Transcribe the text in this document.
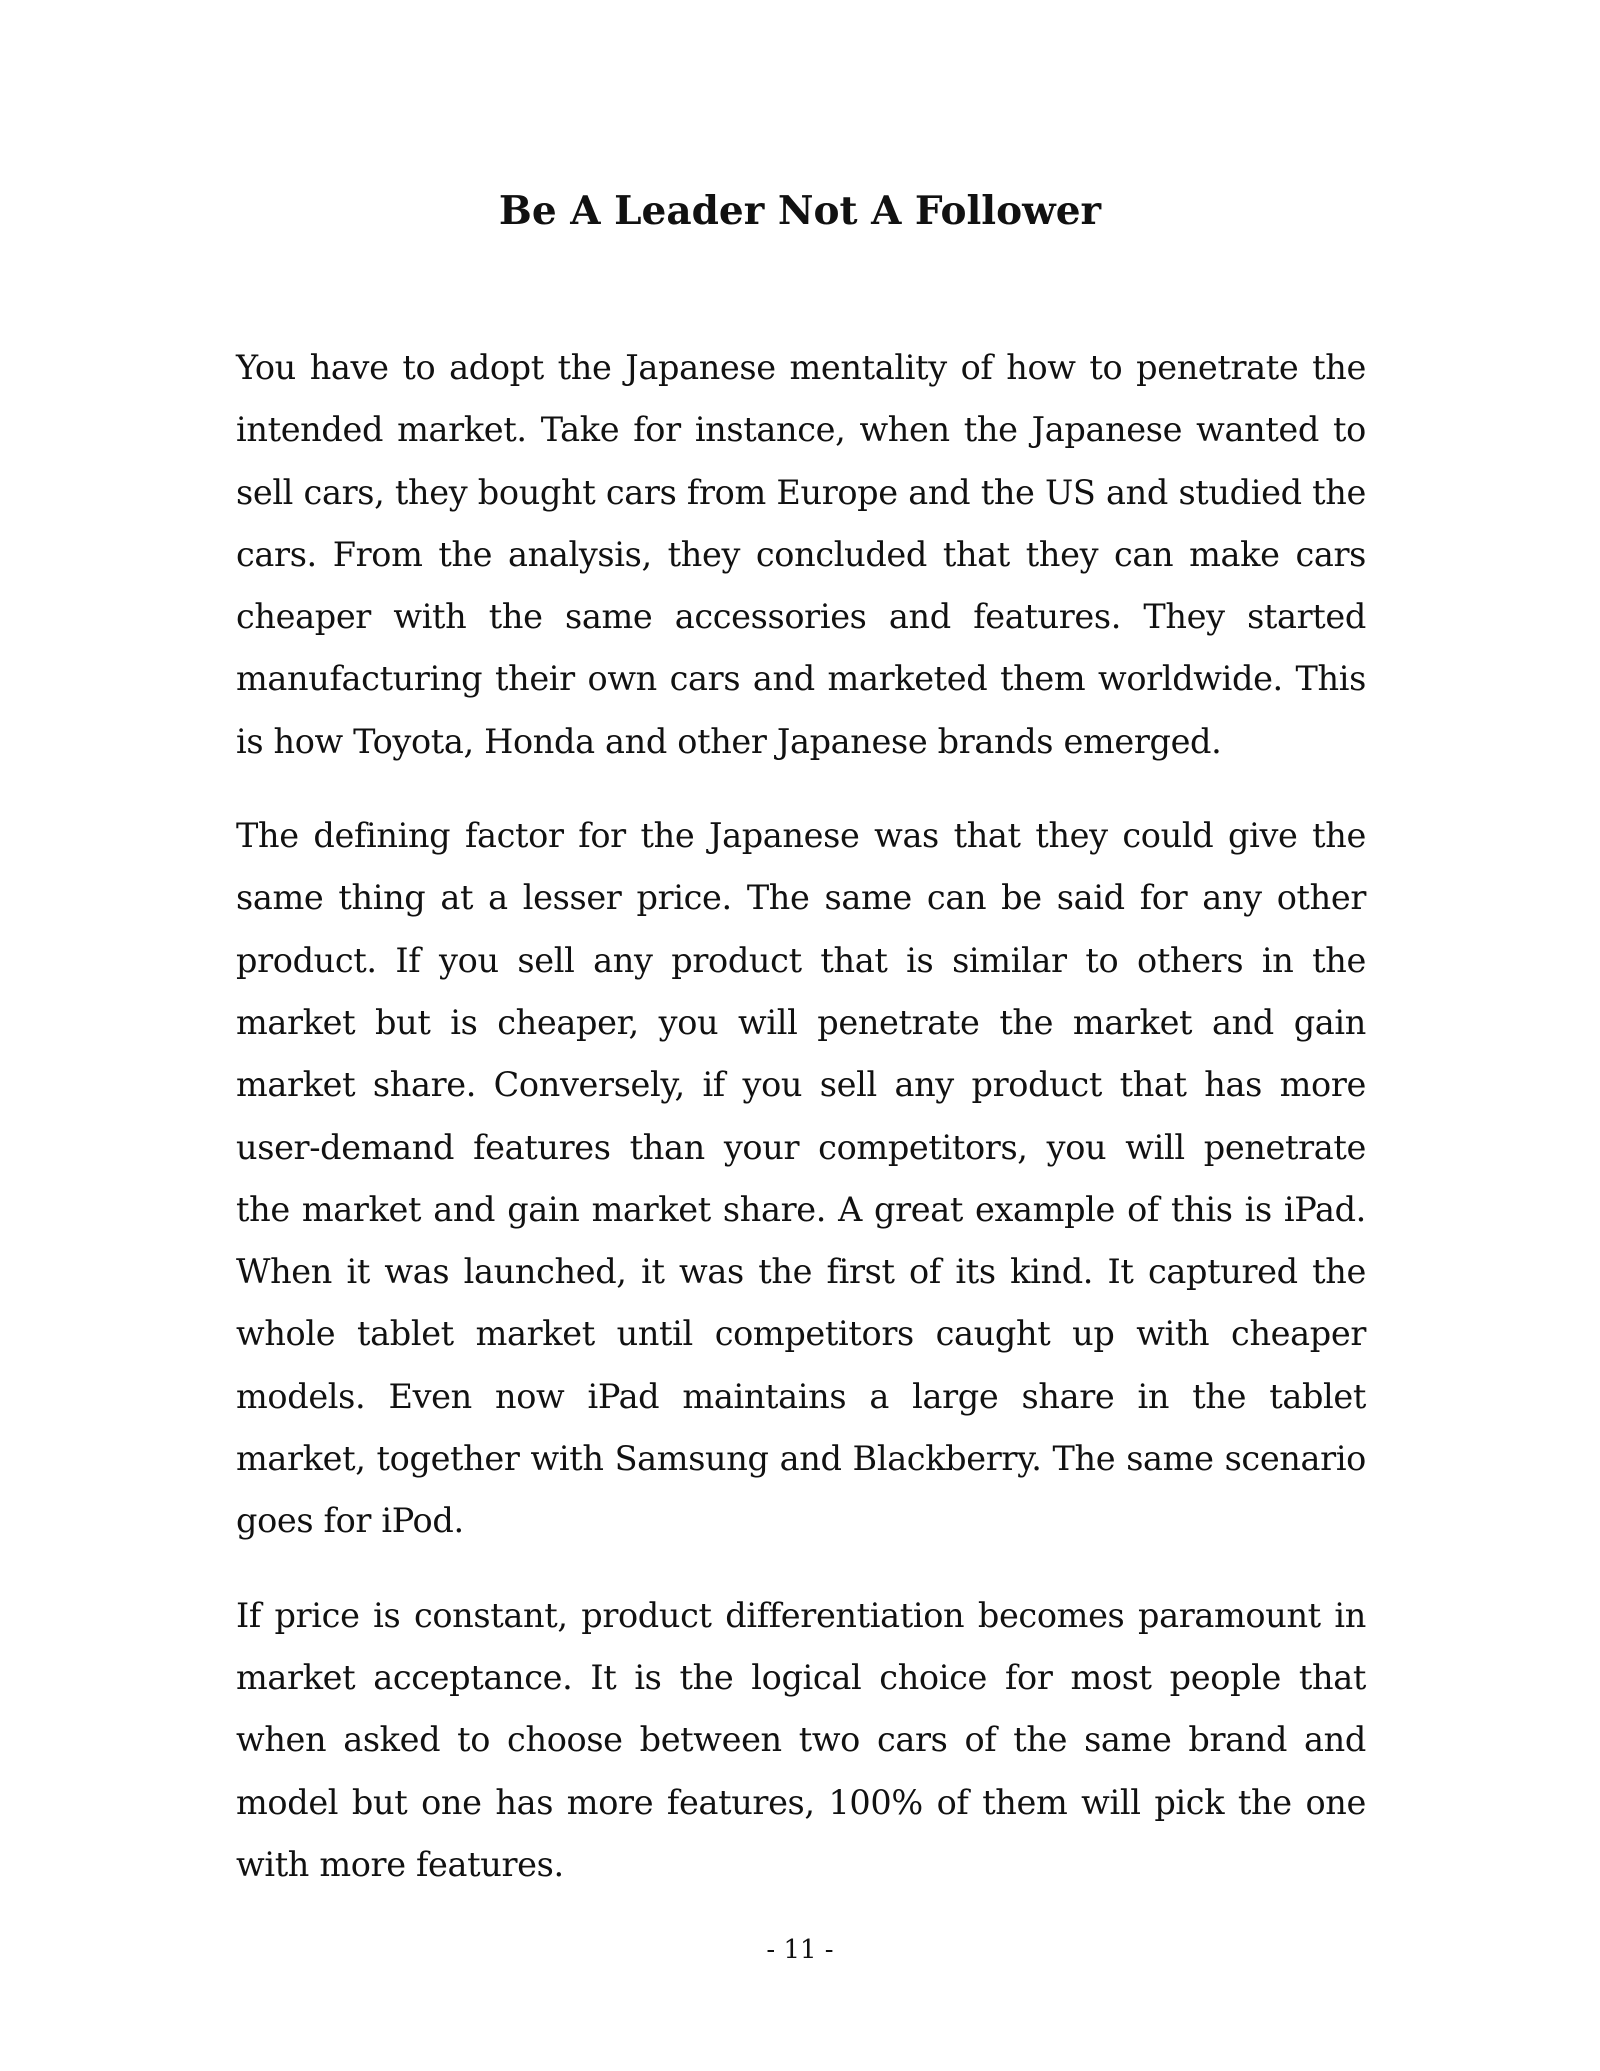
Be A Leader Not A Follower

You have to adopt the Japanese mentality of how to penetrate the intended market. Take for instance, when the Japanese wanted to sell cars, they bought cars from Europe and the US and studied the cars. From the analysis, they concluded that they can make cars cheaper with the same accessories and features. They started manufacturing their own cars and marketed them worldwide. This is how Toyota, Honda and other Japanese brands emerged.

The defining factor for the Japanese was that they could give the same thing at a lesser price. The same can be said for any other product. If you sell any product that is similar to others in the market but is cheaper, you will penetrate the market and gain market share. Conversely, if you sell any product that has more user-demand features than your competitors, you will penetrate the market and gain market share. A great example of this is iPad. When it was launched, it was the first of its kind. It captured the whole tablet market until competitors caught up with cheaper models. Even now iPad maintains a large share in the tablet market, together with Samsung and Blackberry. The same scenario goes for iPod.

If price is constant, product differentiation becomes paramount in market acceptance. It is the logical choice for most people that when asked to choose between two cars of the same brand and model but one has more features, 100% of them will pick the one with more features.

- 11 -
